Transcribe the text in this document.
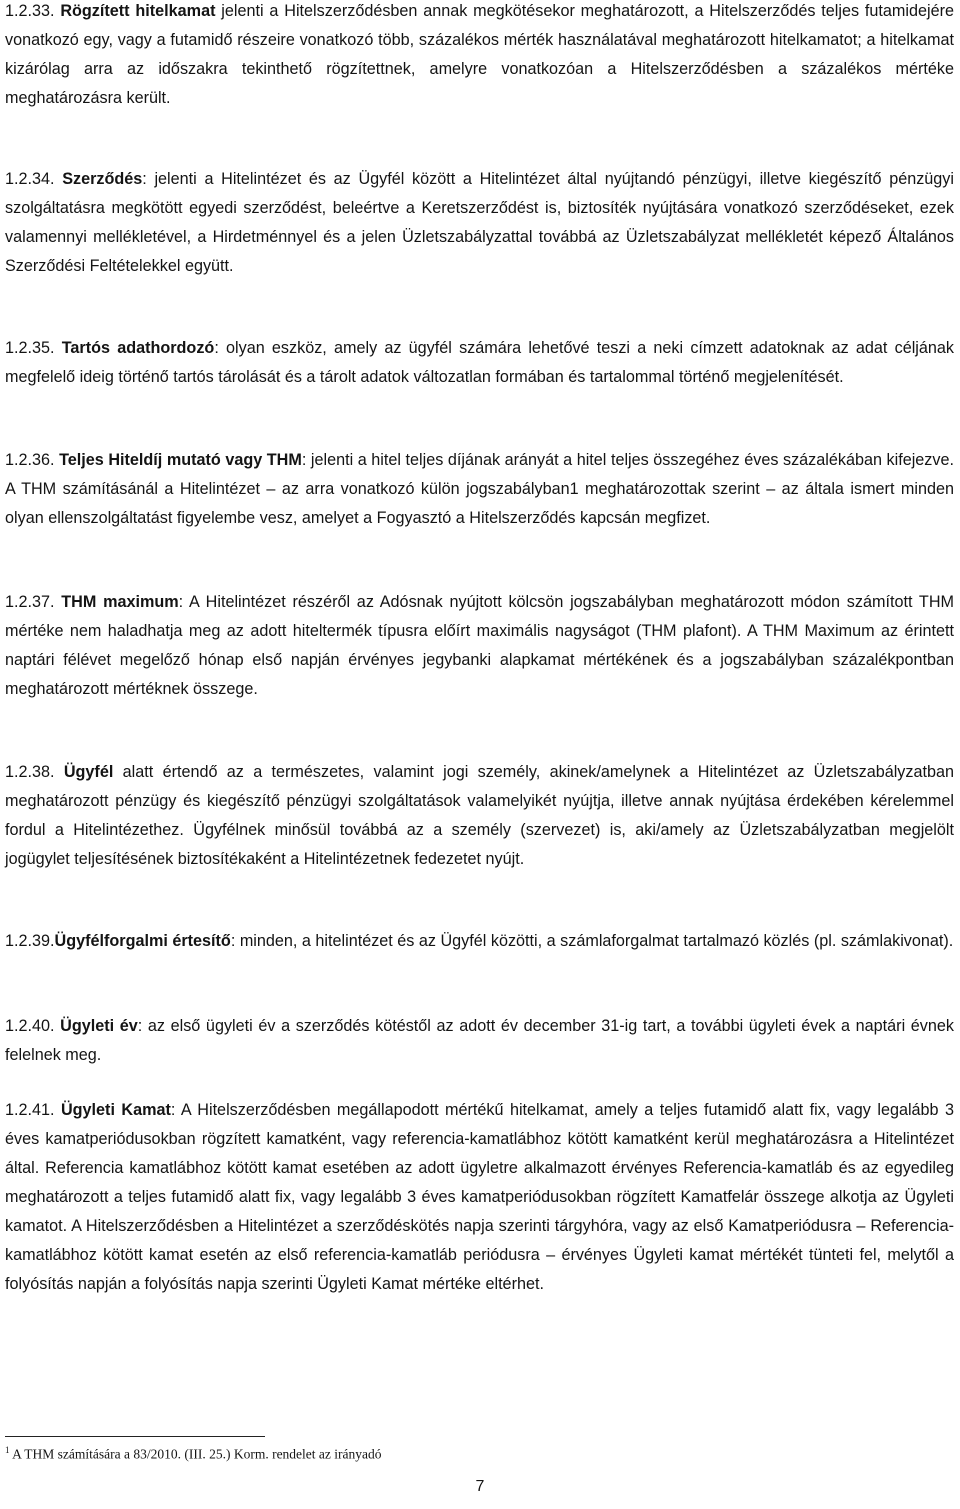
1.2.33. Rögzített hitelkamat jelenti a Hitelszerződésben annak megkötésekor meghatározott, a Hitelszerződés teljes futamidejére vonatkozó egy, vagy a futamidő részeire vonatkozó több, százalékos mérték használatával meghatározott hitelkamatot; a hitelkamat kizárólag arra az időszakra tekinthető rögzítettnek, amelyre vonatkozóan a Hitelszerződésben a százalékos mértéke meghatározásra került.

1.2.34. Szerződés: jelenti a Hitelintézet és az Ügyfél között a Hitelintézet által nyújtandó pénzügyi, illetve kiegészítő pénzügyi szolgáltatásra megkötött egyedi szerződést, beleértve a Keretszerződést is, biztosíték nyújtására vonatkozó szerződéseket, ezek valamennyi mellékletével, a Hirdetménnyel és a jelen Üzletszabályzattal továbbá az Üzletszabályzat mellékletét képező Általános Szerződési Feltételekkel együtt.

1.2.35. Tartós adathordozó: olyan eszköz, amely az ügyfél számára lehetővé teszi a neki címzett adatoknak az adat céljának megfelelő ideig történő tartós tárolását és a tárolt adatok változatlan formában és tartalommal történő megjelenítését.

1.2.36. Teljes Hiteldíj mutató vagy THM: jelenti a hitel teljes díjának arányát a hitel teljes összegéhez éves százalékában kifejezve. A THM számításánál a Hitelintézet – az arra vonatkozó külön jogszabályban1 meghatározottak szerint – az általa ismert minden olyan ellenszolgáltatást figyelembe vesz, amelyet a Fogyasztó a Hitelszerződés kapcsán megfizet.

1.2.37. THM maximum: A Hitelintézet részéről az Adósnak nyújtott kölcsön jogszabályban meghatározott módon számított THM mértéke nem haladhatja meg az adott hiteltermék típusra előírt maximális nagyságot (THM plafont). A THM Maximum az érintett naptári félévet megelőző hónap első napján érvényes jegybanki alapkamat mértékének és a jogszabályban százalékpontban meghatározott mértéknek összege.

1.2.38. Ügyfél alatt értendő az a természetes, valamint jogi személy, akinek/amelynek a Hitelintézet az Üzletszabályzatban meghatározott pénzügy és kiegészítő pénzügyi szolgáltatások valamelyikét nyújtja, illetve annak nyújtása érdekében kérelemmel fordul a Hitelintézethez. Ügyfélnek minősül továbbá az a személy (szervezet) is, aki/amely az Üzletszabályzatban megjelölt jogügylet teljesítésének biztosítékaként a Hitelintézetnek fedezetet nyújt.

1.2.39.Ügyfélforgalmi értesítő: minden, a hitelintézet és az Ügyfél közötti, a számlaforgalmat tartalmazó közlés (pl. számlakivonat).

1.2.40. Ügyleti év: az első ügyleti év a szerződés kötéstől az adott év december 31-ig tart, a további ügyleti évek a naptári évnek felelnek meg.

1.2.41. Ügyleti Kamat: A Hitelszerződésben megállapodott mértékű hitelkamat, amely a teljes futamidő alatt fix, vagy legalább 3 éves kamatperiódusokban rögzített kamatként, vagy referencia-kamatlábhoz kötött kamatként kerül meghatározásra a Hitelintézet által. Referencia kamatlábhoz kötött kamat esetében az adott ügyletre alkalmazott érvényes Referencia-kamatláb és az egyedileg meghatározott a teljes futamidő alatt fix, vagy legalább 3 éves kamatperiódusokban rögzített Kamatfelár összege alkotja az Ügyleti kamatot. A Hitelszerződésben a Hitelintézet a szerződéskötés napja szerinti tárgyhóra, vagy az első Kamatperiódusra – Referencia-kamatlábhoz kötött kamat esetén az első referencia-kamatláb periódusra – érvényes Ügyleti kamat mértékét tünteti fel, melytől a folyósítás napján a folyósítás napja szerinti Ügyleti Kamat mértéke eltérhet.

$^1$ A THM számítására a 83/2010. (III. 25.) Korm. rendelet az irányadó
7
